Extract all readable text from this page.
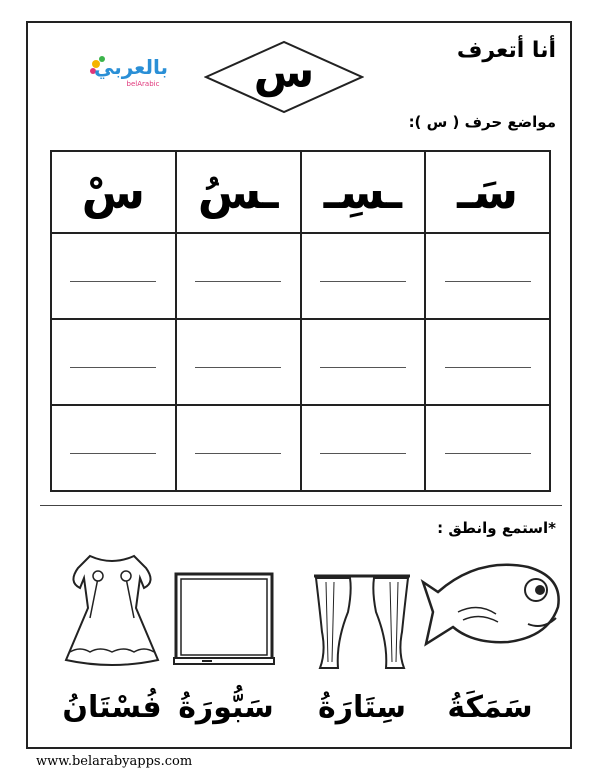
أنا أتعرف
س
بالعربي
belArabic
مواضع حرف ( س ):
سَـ	ـسِـ	ـسُ	سْ

*استمع وانطق :
سَمَكَةُ
سِتَارَةُ
سَبُّورَةُ
فُسْتَانُ
www.belarabyapps.com
